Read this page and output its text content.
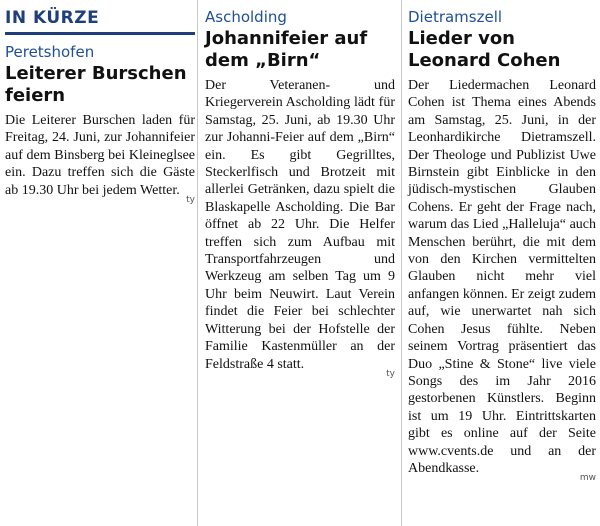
IN KÜRZE
Peretshofen
Leiterer Burschen feiern
Die Leiterer Burschen laden für Freitag, 24. Juni, zur Johannifeier auf dem Binsberg bei Kleineglsee ein. Dazu treffen sich die Gäste ab 19.30 Uhr bei jedem Wetter.
ty
Ascholding
Johannifeier auf dem „Birn“
Der Veteranen- und Kriegerverein Ascholding lädt für Samstag, 25. Juni, ab 19.30 Uhr zur Johanni-Feier auf dem „Birn“ ein. Es gibt Gegrilltes, Steckerlfisch und Brotzeit mit allerlei Getränken, dazu spielt die Blaskapelle Ascholding. Die Bar öffnet ab 22 Uhr. Die Helfer treffen sich zum Aufbau mit Transportfahrzeugen und Werkzeug am selben Tag um 9 Uhr beim Neuwirt. Laut Verein findet die Feier bei schlechter Witterung bei der Hofstelle der Familie Kastenmüller an der Feldstraße 4 statt.
ty
Dietramszell
Lieder von Leonard Cohen
Der Liedermachen Leonard Cohen ist Thema eines Abends am Samstag, 25. Juni, in der Leonhardikirche Dietramszell. Der Theologe und Publizist Uwe Birnstein gibt Einblicke in den jüdisch-mystischen Glauben Cohens. Er geht der Frage nach, warum das Lied „Halleluja“ auch Menschen berührt, die mit dem von den Kirchen vermittelten Glauben nicht mehr viel anfangen können. Er zeigt zudem auf, wie unerwartet nah sich Cohen Jesus fühlte. Neben seinem Vortrag präsentiert das Duo „Stine & Stone“ live viele Songs des im Jahr 2016 gestorbenen Künstlers. Beginn ist um 19 Uhr. Eintrittskarten gibt es online auf der Seite www.cvents.de und an der Abendkasse.
mw
